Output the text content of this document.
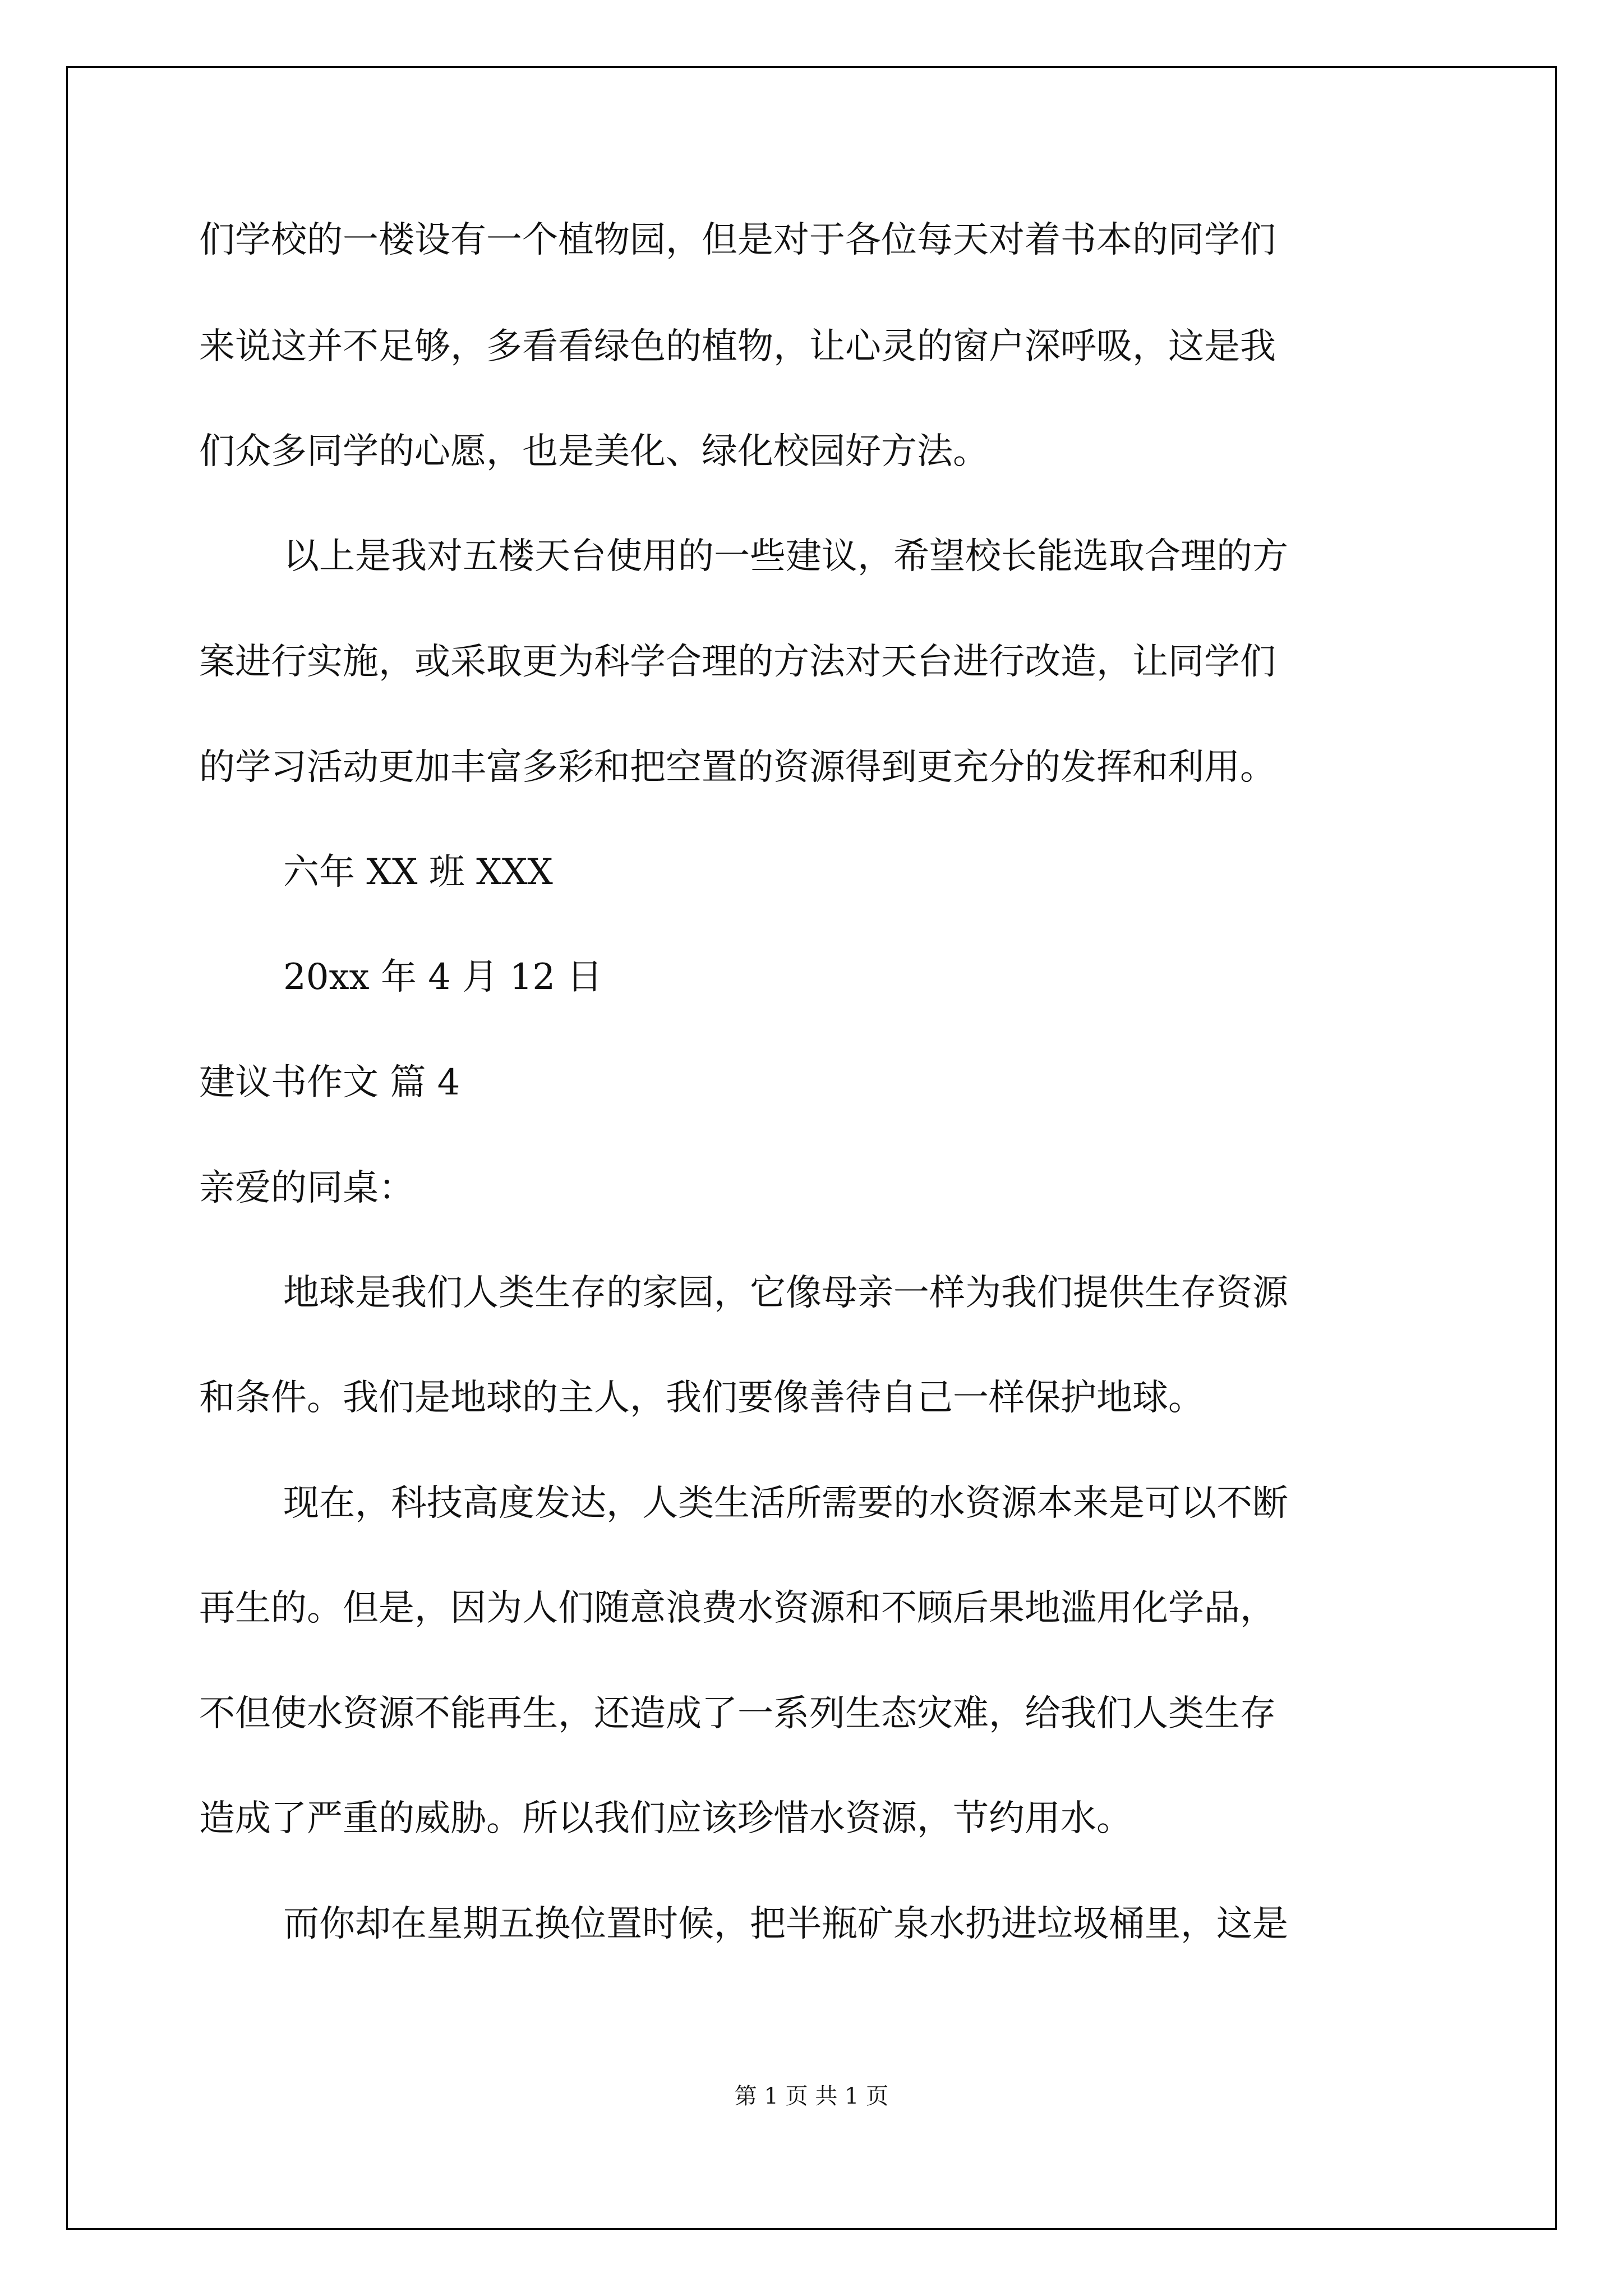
们学校的一楼设有一个植物园，但是对于各位每天对着书本的同学们
来说这并不足够，多看看绿色的植物，让心灵的窗户深呼吸，这是我
们众多同学的心愿，也是美化、绿化校园好方法。
以上是我对五楼天台使用的一些建议，希望校长能选取合理的方
案进行实施，或采取更为科学合理的方法对天台进行改造，让同学们
的学习活动更加丰富多彩和把空置的资源得到更充分的发挥和利用。
六年 XX 班 XXX
20xx 年 4 月 12 日
建议书作文 篇 4
亲爱的同桌：
地球是我们人类生存的家园，它像母亲一样为我们提供生存资源
和条件。我们是地球的主人，我们要像善待自己一样保护地球。
现在，科技高度发达，人类生活所需要的水资源本来是可以不断
再生的。但是，因为人们随意浪费水资源和不顾后果地滥用化学品，
不但使水资源不能再生，还造成了一系列生态灾难，给我们人类生存
造成了严重的威胁。所以我们应该珍惜水资源，节约用水。
而你却在星期五换位置时候，把半瓶矿泉水扔进垃圾桶里，这是
第 1 页 共 1 页
